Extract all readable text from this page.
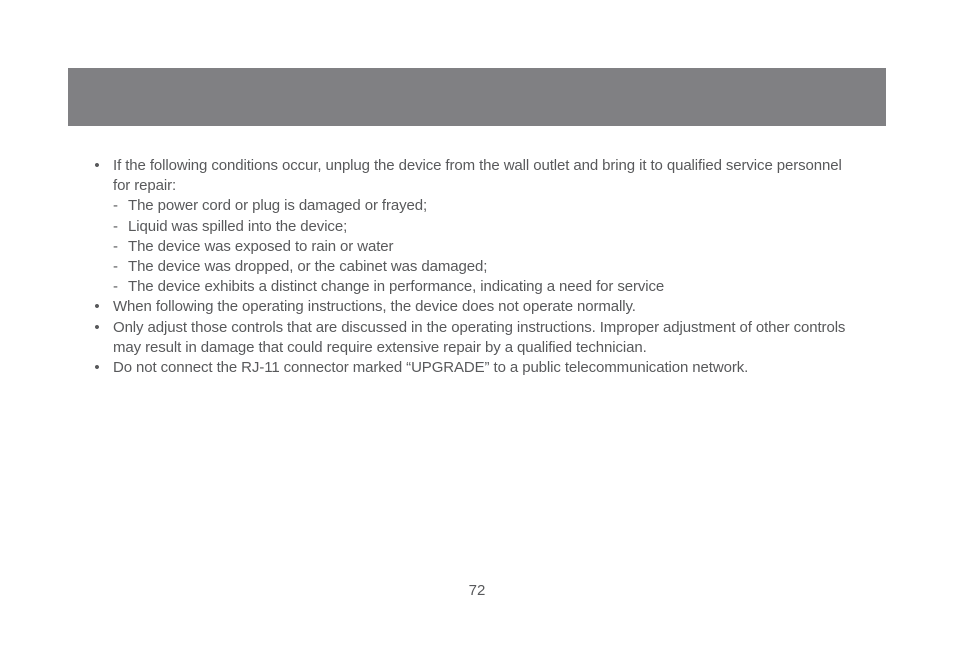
• If the following conditions occur, unplug the device from the wall outlet and bring it to qualified service personnel for repair:
- The power cord or plug is damaged or frayed;
- Liquid was spilled into the device;
- The device was exposed to rain or water
- The device was dropped, or the cabinet was damaged;
- The device exhibits a distinct change in performance, indicating a need for service
• When following the operating instructions, the device does not operate normally.
• Only adjust those controls that are discussed in the operating instructions. Improper adjustment of other controls may result in damage that could require extensive repair by a qualified technician.
• Do not connect the RJ-11 connector marked “UPGRADE” to a public telecommunication network.
72
